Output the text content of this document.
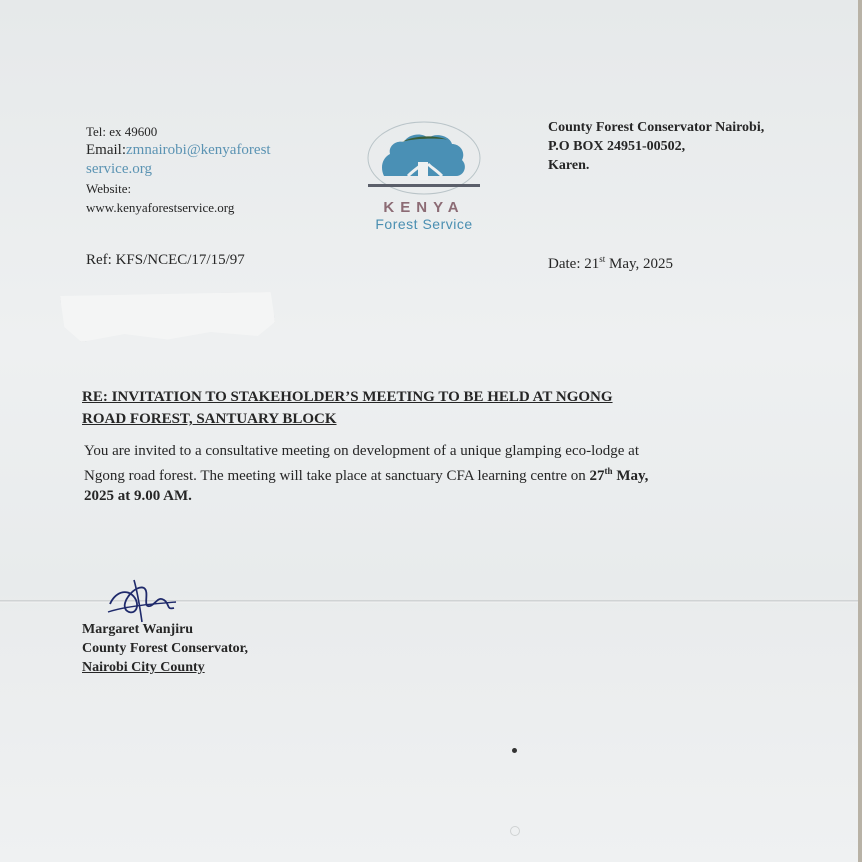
Tel: ex 49600
Email:zmnairobi@kenyaforest
service.org
Website:
www.kenyaforestservice.org	KENYA
Forest Service
County Forest Conservator Nairobi,
P.O BOX 24951-00502,
Karen.
Ref: KFS/NCEC/17/15/97	Date: 21st May, 2025
RE: INVITATION TO STAKEHOLDER’S MEETING TO BE HELD AT NGONG
ROAD FOREST, SANTUARY BLOCK
You are invited to a consultative meeting on development of a unique glamping eco-lodge at
Ngong road forest. The meeting will take place at sanctuary CFA learning centre on 27th May,
2025 at 9.00 AM.
Margaret Wanjiru
County Forest Conservator,
Nairobi City County
